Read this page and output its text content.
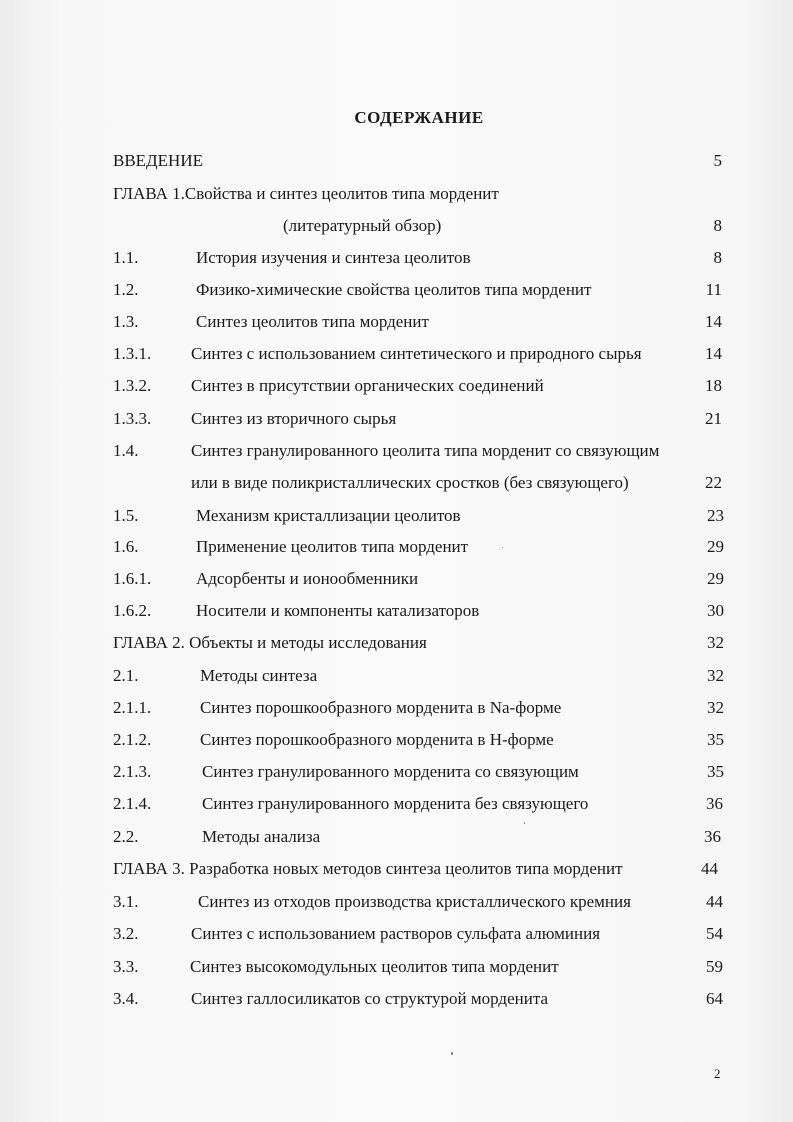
СОДЕРЖАНИЕ
ВВЕДЕНИЕ	5
ГЛАВА 1.Свойства и синтез цеолитов типа морденит
(литературный обзор)	8
1.1.	История изучения и синтеза цеолитов	8
1.2.	Физико-химические свойства цеолитов типа морденит	11
1.3.	Синтез цеолитов типа морденит	14
1.3.1. Синтез с использованием синтетического и природного сырья	14
1.3.2. Синтез в присутствии органических соединений	18
1.3.3. Синтез из вторичного сырья	21
1.4.	Синтез гранулированного цеолита типа морденит со связующим
или в виде поликристаллических сростков (без связующего)	22
1.5.	Механизм кристаллизации цеолитов	23
1.6.	Применение цеолитов типа морденит	29
1.6.1.	Адсорбенты и ионообменники	29
1.6.2.	Носители и компоненты катализаторов	30
ГЛАВА 2. Объекты и методы исследования	32
2.1.	Методы синтеза	32
2.1.1.	Синтез порошкообразного морденита в Na-форме	32
2.1.2.	Синтез порошкообразного морденита в Н-форме	35
2.1.3.	Синтез гранулированного морденита со связующим	35
2.1.4.	Синтез гранулированного морденита без связующего	36
2.2.	Методы анализа	36
ГЛАВА 3. Разработка новых методов синтеза цеолитов типа морденит	44
3.1.	Синтез из отходов производства кристаллического кремния	44
3.2.	Синтез с использованием растворов сульфата алюминия	54
3.3.	Синтез высокомодульных цеолитов типа морденит	59
3.4.	Синтез галлосиликатов со структурой морденита	64
2
